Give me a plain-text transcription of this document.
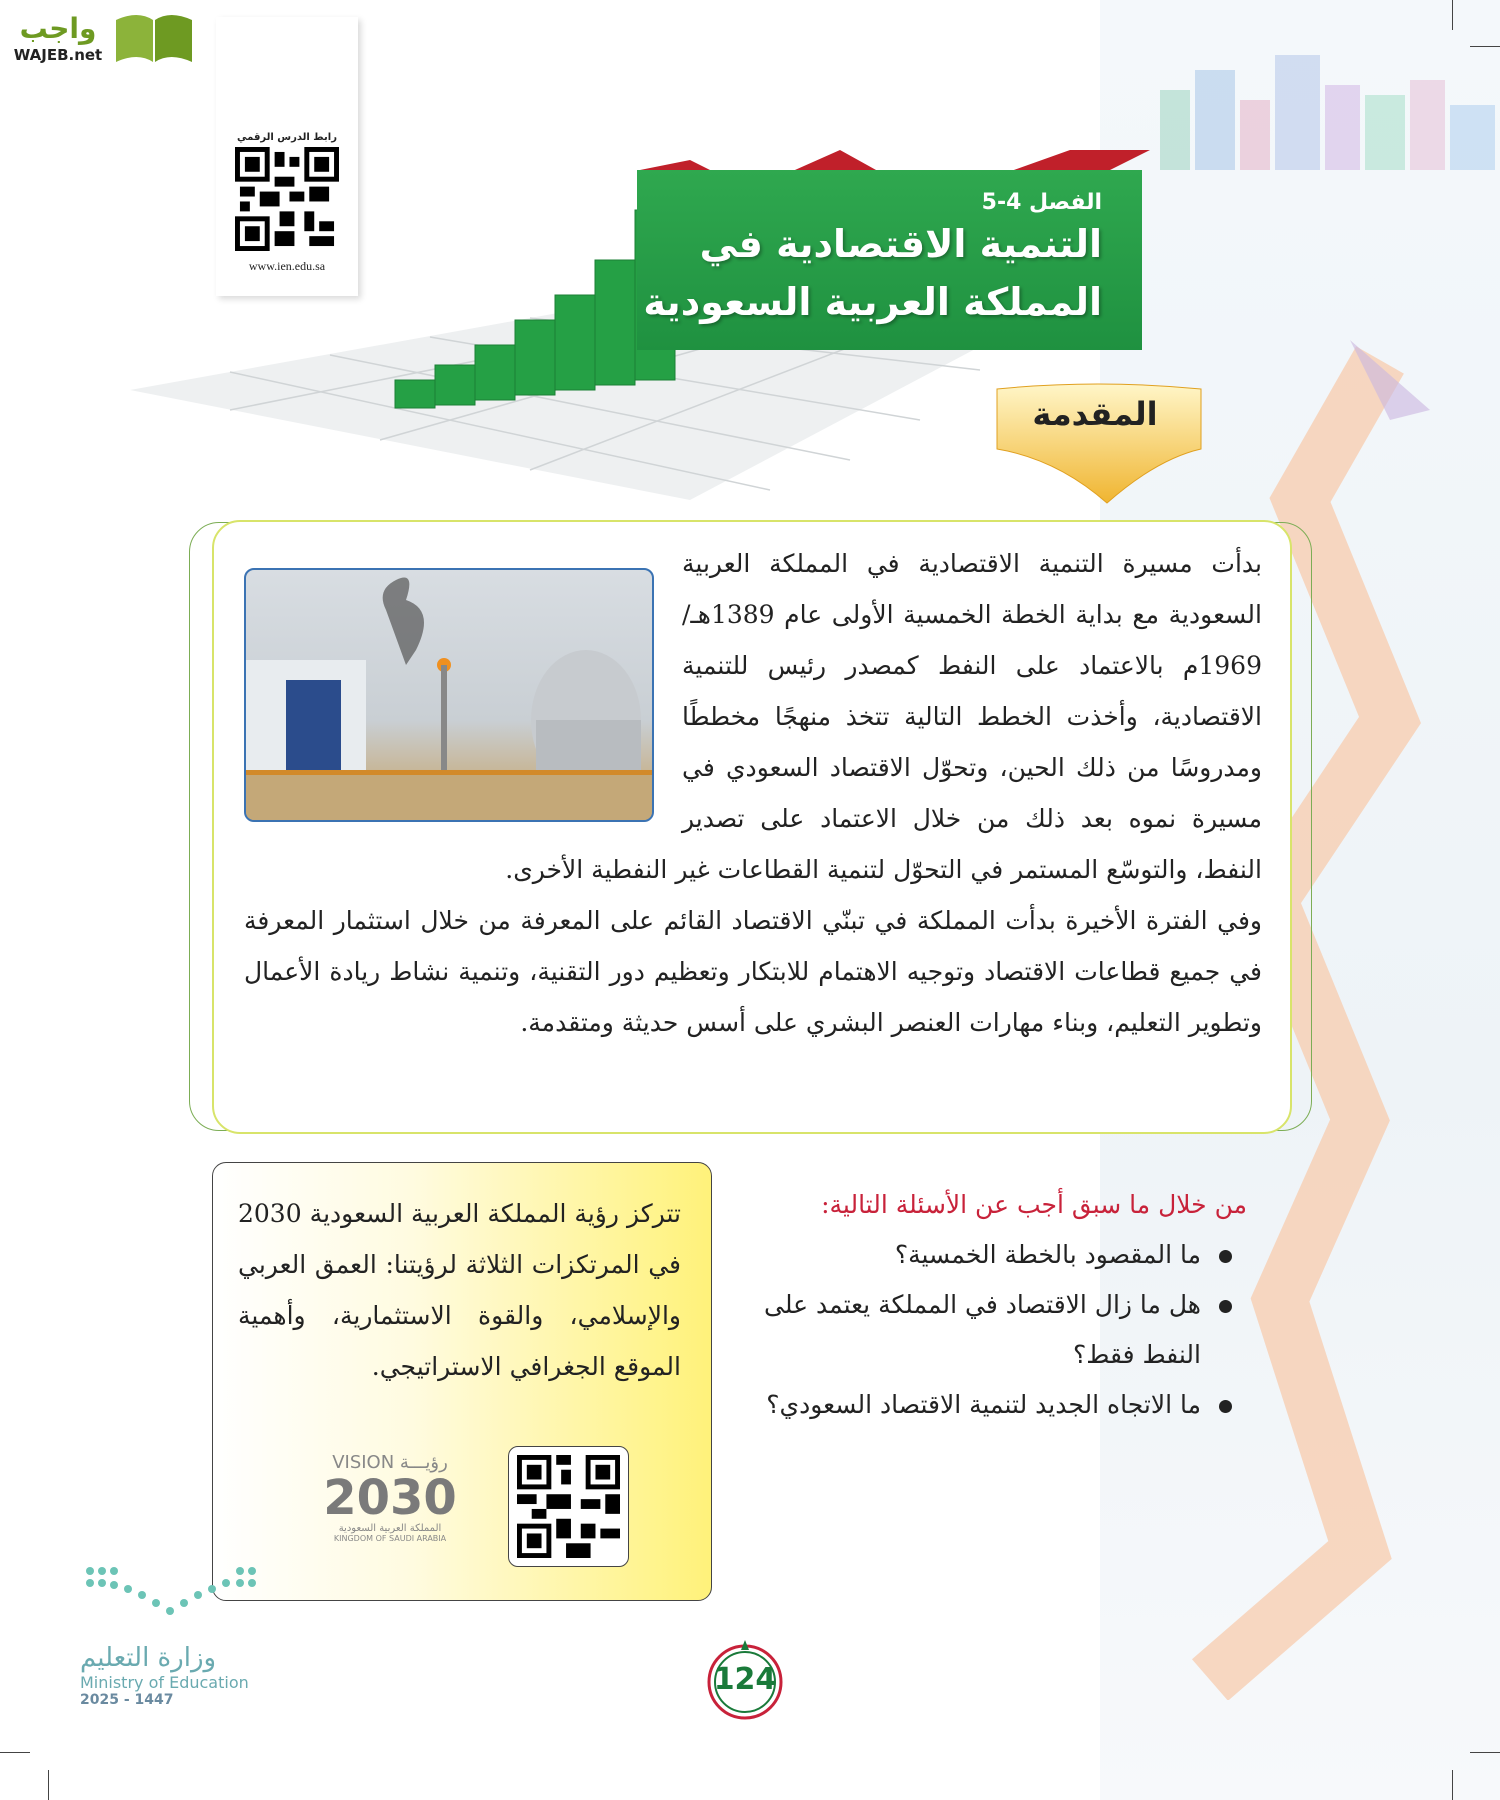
الفصل 4-5
التنمية الاقتصادية في
المملكة العربية السعودية
المقدمة
رابط الدرس الرقمي
www.ien.edu.sa
واجب
WAJEB.net

بدأت مسيرة التنمية الاقتصادية في المملكة العربية السعودية مع بداية الخطة الخمسية الأولى عام 1389هـ/ 1969م بالاعتماد على النفط كمصدر رئيس للتنمية الاقتصادية، وأخذت الخطط التالية تتخذ منهجًا مخططًا ومدروسًا من ذلك الحين، وتحوّل الاقتصاد السعودي في مسيرة نموه بعد ذلك من خلال الاعتماد على تصدير النفط، والتوسّع المستمر في التحوّل لتنمية القطاعات غير النفطية الأخرى.

وفي الفترة الأخيرة بدأت المملكة في تبنّي الاقتصاد القائم على المعرفة من خلال استثمار المعرفة في جميع قطاعات الاقتصاد وتوجيه الاهتمام للابتكار وتعظيم دور التقنية، وتنمية نشاط ريادة الأعمال وتطوير التعليم، وبناء مهارات العنصر البشري على أسس حديثة ومتقدمة.

تتركز رؤية المملكة العربية السعودية 2030 في المرتكزات الثلاثة لرؤيتنا: العمق العربي والإسلامي، والقوة الاستثمارية، وأهمية الموقع الجغرافي الاستراتيجي.

VISION رؤيـــة
2030
المملكة العربية السعودية
KINGDOM OF SAUDI ARABIA
من خلال ما سبق أجب عن الأسئلة التالية:
ما المقصود بالخطة الخمسية؟
هل ما زال الاقتصاد في المملكة يعتمد على النفط فقط؟
ما الاتجاه الجديد لتنمية الاقتصاد السعودي؟
وزارة التعليم
Ministry of Education
2025 - 1447
124
